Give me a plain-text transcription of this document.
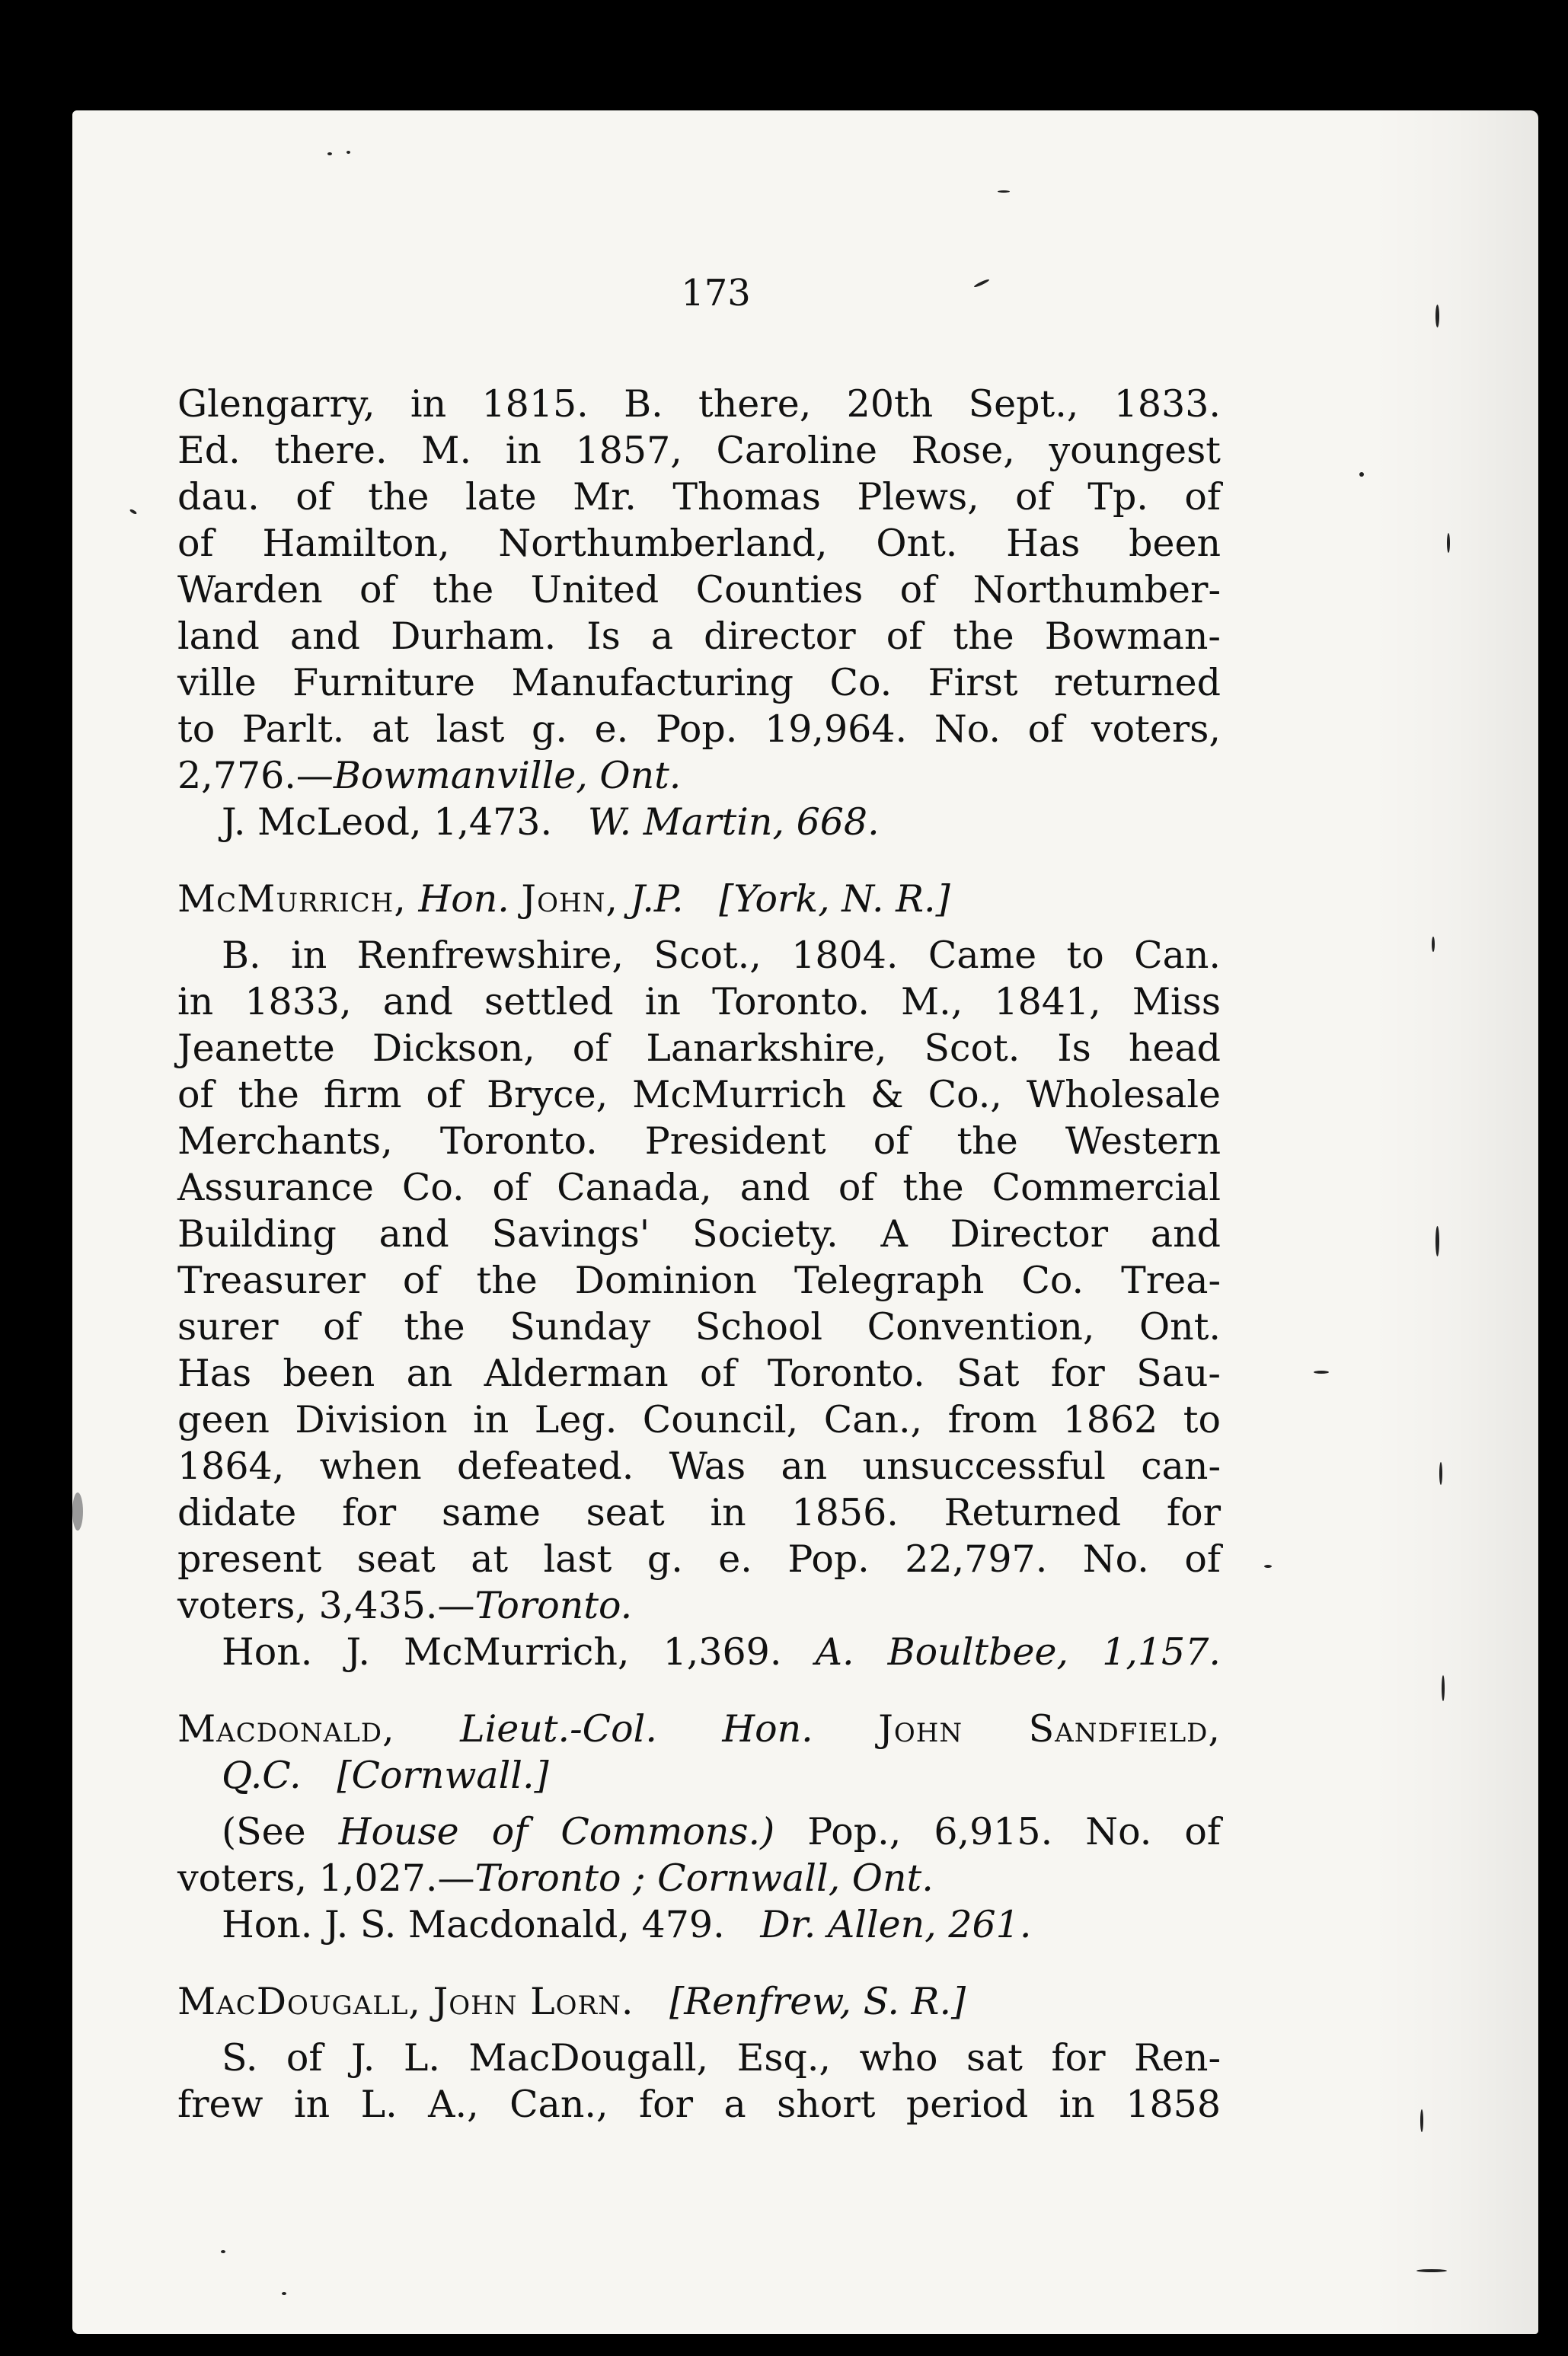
173
Glengarry, in 1815. B. there, 20th Sept., 1833.
Ed. there. M. in 1857, Caroline Rose, youngest
dau. of the late Mr. Thomas Plews, of Tp. of
of Hamilton, Northumberland, Ont. Has been
Warden of the United Counties of Northumber-
land and Durham. Is a director of the Bowman-
ville Furniture Manufacturing Co. First returned
to Parlt. at last g. e. Pop. 19,964. No. of voters,
2,776.—Bowmanville, Ont.
J. McLeod, 1,473. W. Martin, 668.
McMurrich, Hon. John, J.P. [York, N. R.]
B. in Renfrewshire, Scot., 1804. Came to Can.
in 1833, and settled in Toronto. M., 1841, Miss
Jeanette Dickson, of Lanarkshire, Scot. Is head
of the firm of Bryce, McMurrich & Co., Wholesale
Merchants, Toronto. President of the Western
Assurance Co. of Canada, and of the Commercial
Building and Savings' Society. A Director and
Treasurer of the Dominion Telegraph Co. Trea-
surer of the Sunday School Convention, Ont.
Has been an Alderman of Toronto. Sat for Sau-
geen Division in Leg. Council, Can., from 1862 to
1864, when defeated. Was an unsuccessful can-
didate for same seat in 1856. Returned for
present seat at last g. e. Pop. 22,797. No. of
voters, 3,435.—Toronto.
Hon. J. McMurrich, 1,369. A. Boultbee, 1,157.
Macdonald, Lieut.-Col. Hon. John Sandfield,
Q.C. [Cornwall.]
(See House of Commons.) Pop., 6,915. No. of
voters, 1,027.—Toronto ; Cornwall, Ont.
Hon. J. S. Macdonald, 479. Dr. Allen, 261.
MacDougall, John Lorn. [Renfrew, S. R.]
S. of J. L. MacDougall, Esq., who sat for Ren-
frew in L. A., Can., for a short period in 1858
